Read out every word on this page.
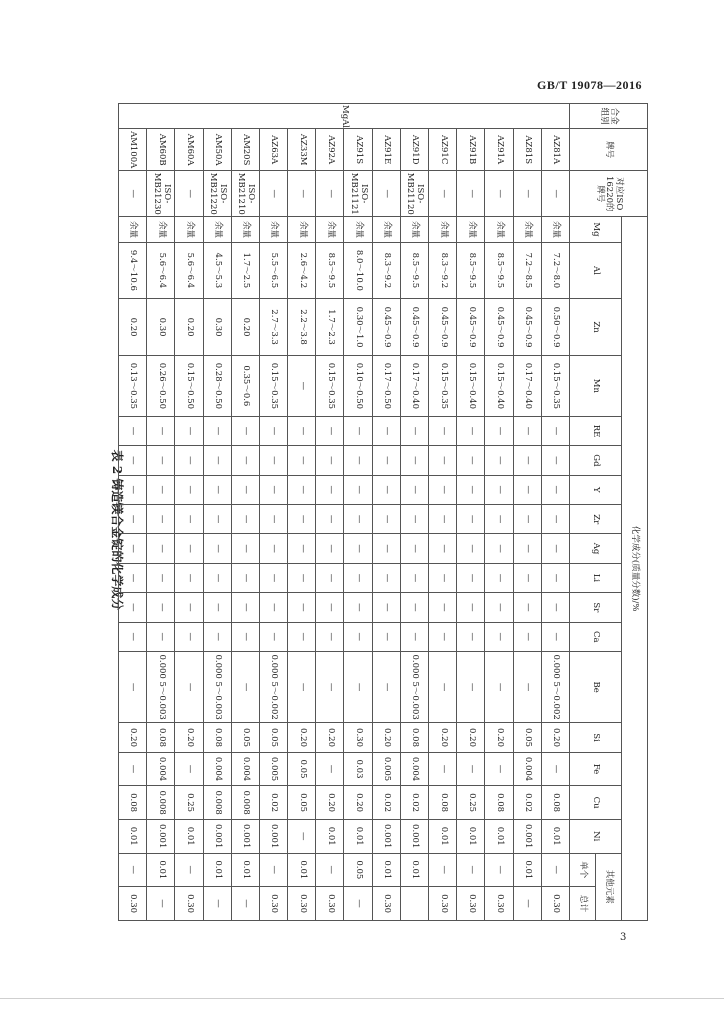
GB/T 19078—2016
表 2 铸造镁合金锭的化学成分
合金组别	牌号	对应ISO 16220的牌号	化学成分(质量分数)/%																		
			Mg	Al	Zn	Mn	RE	Gd	Y	Zr	Ag	Li	Sr	Ca	Be	Si	Fe	Cu	Ni	其他元素	
																				单个	总计
MgAl	AZ81A	—	余量	7.2～8.0	0.50～0.9	0.15～0.35	—	—	—	—	—	—	—	—	0.000 5～0.002	0.20	—	0.08	0.01	—	0.30
	AZ81S	—	余量	7.2～8.5	0.45～0.9	0.17～0.40	—	—	—	—	—	—	—	—	—	0.05	0.004	0.02	0.001	0.01	—
	AZ91A	—	余量	8.5～9.5	0.45～0.9	0.15～0.40	—	—	—	—	—	—	—	—	—	0.20	—	0.08	0.01	—	0.30
	AZ91B	—	余量	8.5～9.5	0.45～0.9	0.15～0.40	—	—	—	—	—	—	—	—	—	0.20	—	0.25	0.01	—	0.30
	AZ91C	—	余量	8.3～9.2	0.45～0.9	0.15～0.35	—	—	—	—	—	—	—	—	—	0.20	—	0.08	0.01	—	0.30
	AZ91D	ISO-MB21120	余量	8.5～9.5	0.45～0.9	0.17～0.40	—	—	—	—	—	—	—	—	0.000 5～0.003	0.08	0.004	0.02	0.001	0.01	
	AZ91E	—	余量	8.3～9.2	0.45～0.9	0.17～0.50	—	—	—	—	—	—	—	—	—	0.20	0.005	0.02	0.001	0.01	0.30
	AZ91S	ISO-MB21121	余量	8.0～10.0	0.30～1.0	0.10～0.50	—	—	—	—	—	—	—	—	—	0.30	0.03	0.20	0.01	0.05	—
	AZ92A	—	余量	8.5～9.5	1.7～2.3	0.15～0.35	—	—	—	—	—	—	—	—	—	0.20	—	0.20	0.01	—	0.30
	AZ33M	—	余量	2.6～4.2	2.2～3.8	—	—	—	—	—	—	—	—	—	—	0.20	0.05	0.05	—	0.01	0.30
	AZ63A	—	余量	5.5～6.5	2.7～3.3	0.15～0.35	—	—	—	—	—	—	—	—	0.000 5～0.002	0.05	0.005	0.02	0.001	—	0.30
	AM20S	ISO-MB21210	余量	1.7～2.5	0.20	0.35～0.6	—	—	—	—	—	—	—	—	—	0.05	0.004	0.008	0.001	0.01	—
	AM50A	ISO-MB21220	余量	4.5～5.3	0.30	0.28～0.50	—	—	—	—	—	—	—	—	0.000 5～0.003	0.08	0.004	0.008	0.001	0.01	—
	AM60A	—	余量	5.6～6.4	0.20	0.15～0.50	—	—	—	—	—	—	—	—	—	0.20	—	0.25	0.01	—	0.30
	AM60B	ISO-MB21230	余量	5.6～6.4	0.30	0.26～0.50	—	—	—	—	—	—	—	—	0.000 5～0.003	0.08	0.004	0.008	0.001	0.01	—
	AM100A	—	余量	9.4～10.6	0.20	0.13～0.35	—	—	—	—	—	—	—	—	—	0.20	—	0.08	0.01	—	0.30
3
